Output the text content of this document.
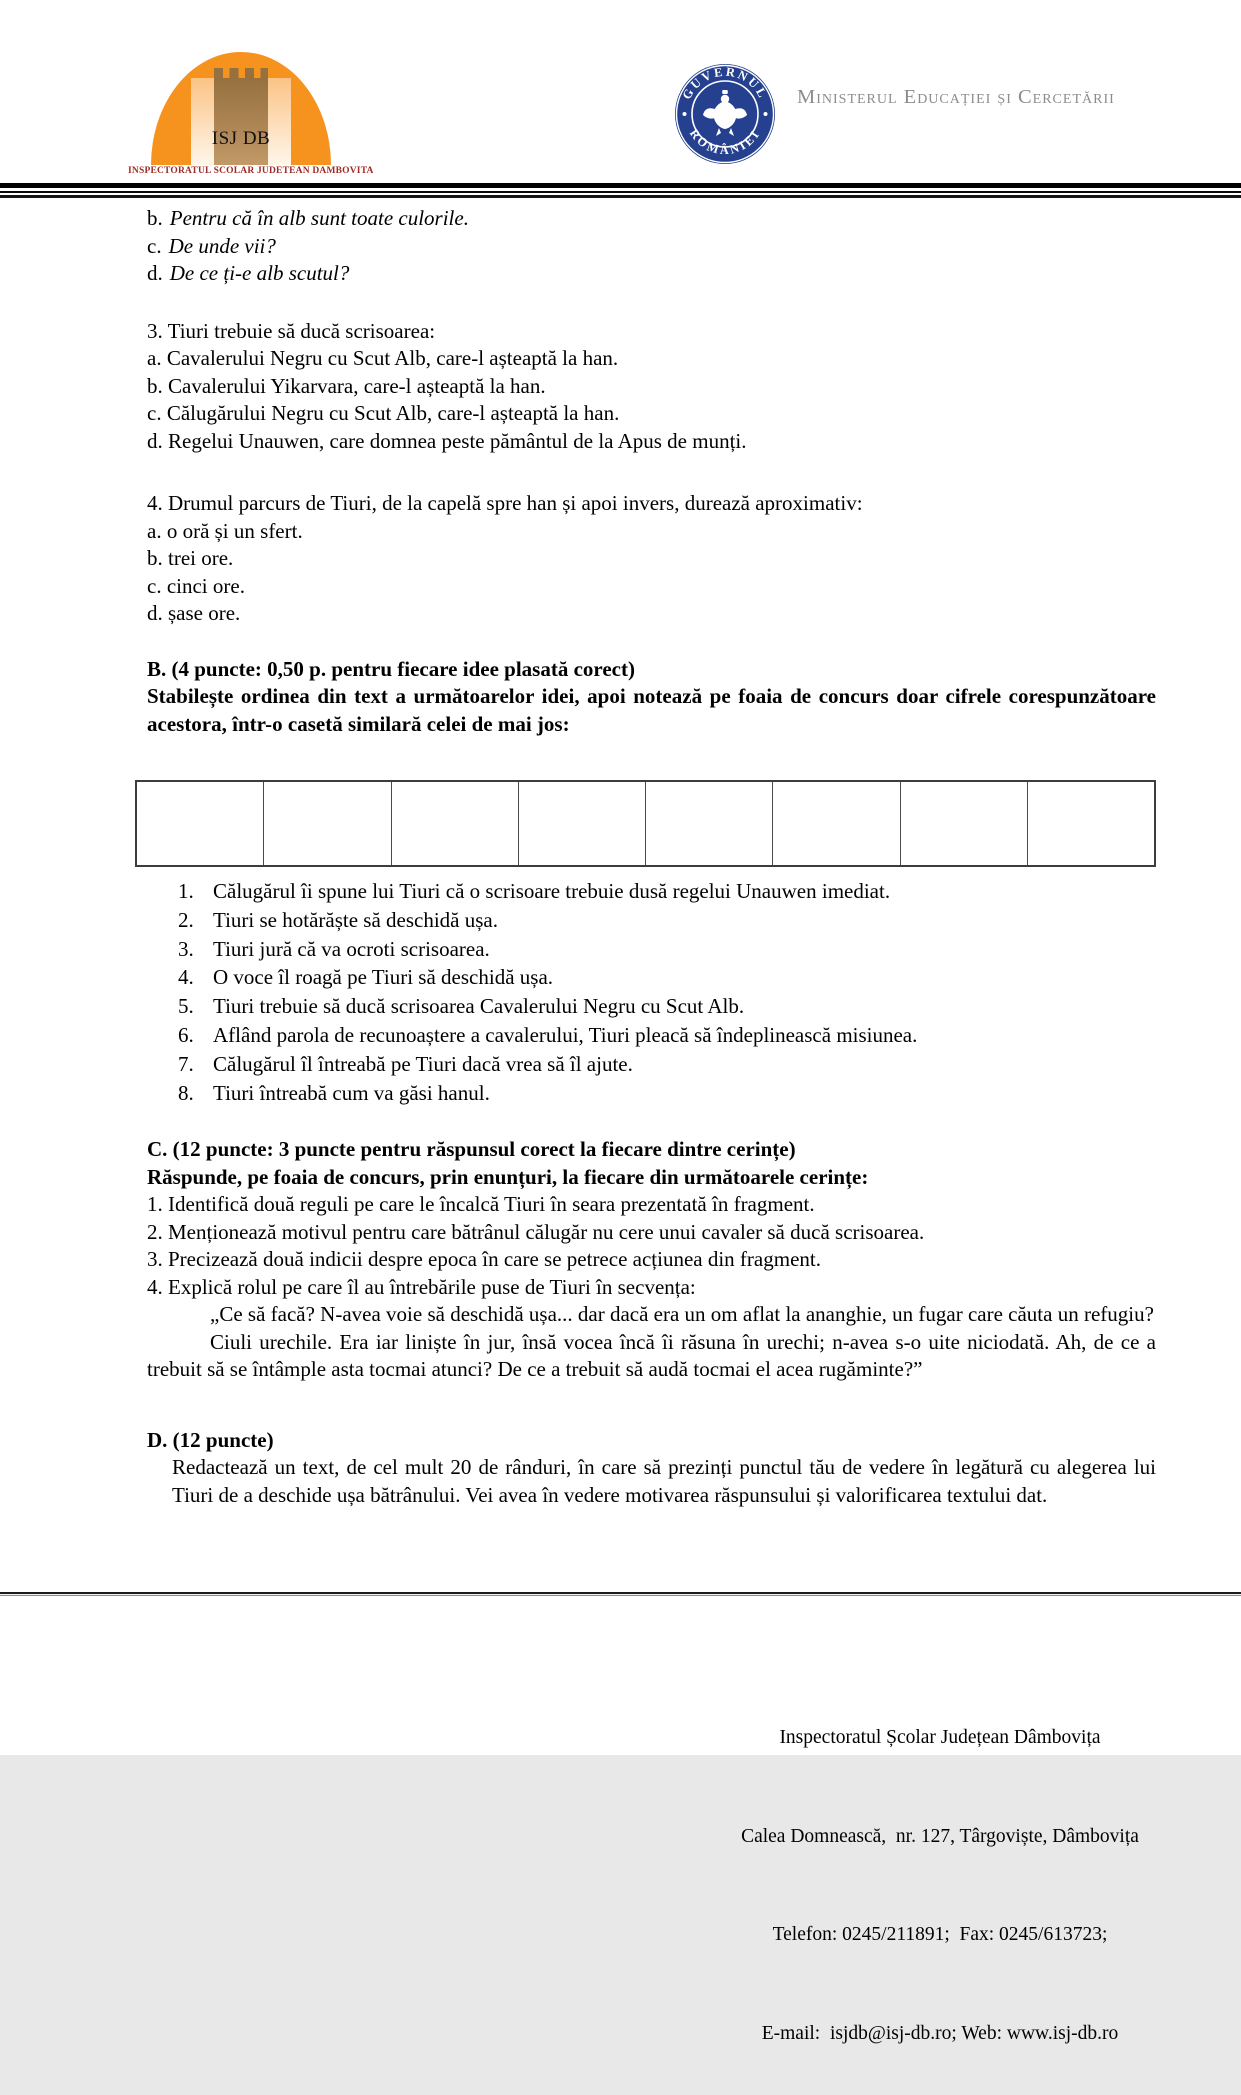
ISJ DB
INSPECTORATUL SCOLAR JUDETEAN DAMBOVITA
GUVERNUL
ROMÂNIEI
Ministerul Educației și Cercetării
b. Pentru că în alb sunt toate culorile.
c. De unde vii?
d. De ce ți-e alb scutul?
3. Tiuri trebuie să ducă scrisoarea:
a. Cavalerului Negru cu Scut Alb, care-l așteaptă la han.
b. Cavalerului Yikarvara, care-l așteaptă la han.
c. Călugărului Negru cu Scut Alb, care-l așteaptă la han.
d. Regelui Unauwen, care domnea peste pământul de la Apus de munți.
4. Drumul parcurs de Tiuri, de la capelă spre han și apoi invers, durează aproximativ:
a. o oră și un sfert.
b. trei ore.
c. cinci ore.
d. șase ore.
B. (4 puncte: 0,50 p. pentru fiecare idee plasată corect)
Stabilește ordinea din text a următoarelor idei, apoi notează pe foaia de concurs doar cifrele corespunzătoare acestora, într-o casetă similară celei de mai jos:
1. Călugărul îi spune lui Tiuri că o scrisoare trebuie dusă regelui Unauwen imediat.
2. Tiuri se hotărăște să deschidă ușa.
3. Tiuri jură că va ocroti scrisoarea.
4. O voce îl roagă pe Tiuri să deschidă ușa.
5. Tiuri trebuie să ducă scrisoarea Cavalerului Negru cu Scut Alb.
6. Aflând parola de recunoaștere a cavalerului, Tiuri pleacă să îndeplinească misiunea.
7. Călugărul îl întreabă pe Tiuri dacă vrea să îl ajute.
8. Tiuri întreabă cum va găsi hanul.
C. (12 puncte: 3 puncte pentru răspunsul corect la fiecare dintre cerințe)
Răspunde, pe foaia de concurs, prin enunțuri, la fiecare din următoarele cerințe:
1. Identifică două reguli pe care le încalcă Tiuri în seara prezentată în fragment.
2. Menționează motivul pentru care bătrânul călugăr nu cere unui cavaler să ducă scrisoarea.
3. Precizează două indicii despre epoca în care se petrece acțiunea din fragment.
4. Explică rolul pe care îl au întrebările puse de Tiuri în secvența:
„Ce să facă? N-avea voie să deschidă ușa... dar dacă era un om aflat la ananghie, un fugar care căuta un refugiu?
Ciuli urechile. Era iar liniște în jur, însă vocea încă îi răsuna în urechi; n-avea s-o uite niciodată. Ah, de ce a trebuit să se întâmple asta tocmai atunci? De ce a trebuit să audă tocmai el acea rugăminte?”
D. (12 puncte)
Redactează un text, de cel mult 20 de rânduri, în care să prezinți punctul tău de vedere în legătură cu alegerea lui Tiuri de a deschide ușa bătrânului. Vei avea în vedere motivarea răspunsului și valorificarea textului dat.

Inspectoratul Școlar Județean Dâmbovița

Calea Domnească,  nr. 127, Târgoviște, Dâmbovița

Telefon: 0245/211891;  Fax: 0245/613723;

E-mail:  isjdb@isj-db.ro; Web: www.isj-db.ro
